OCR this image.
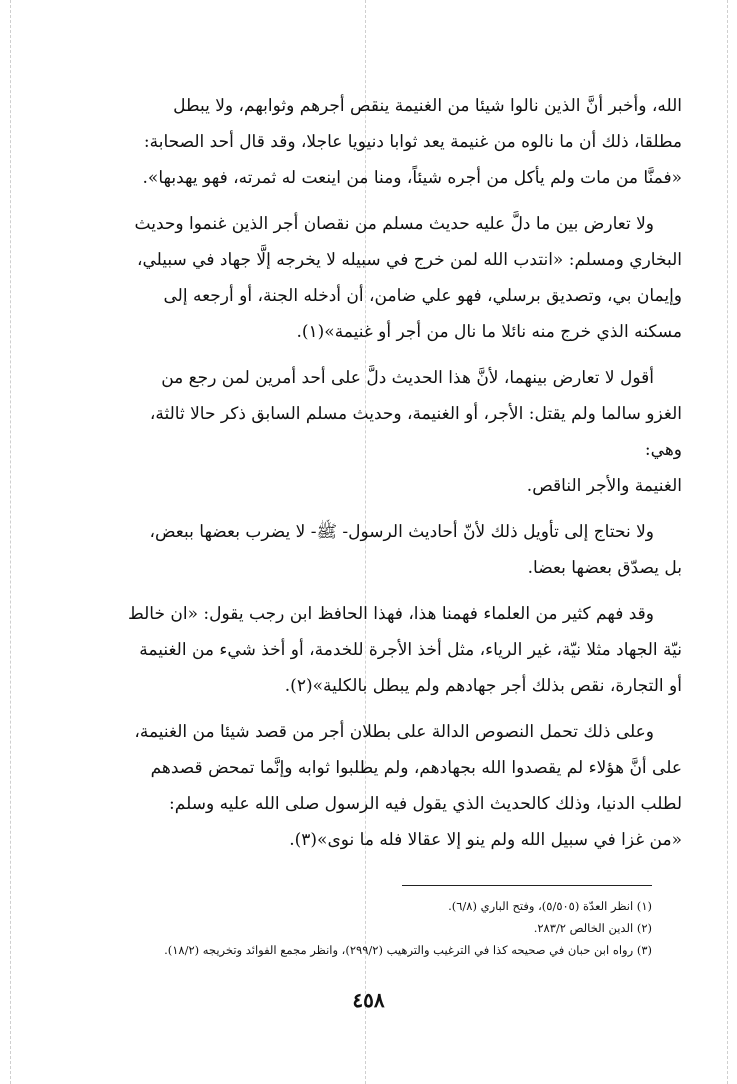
الله، وأخبر أنَّ الذين نالوا شيئا من الغنيمة ينقص أجرهم وثوابهم، ولا يبطل
مطلقا، ذلك أن ما نالوه من غنيمة يعد ثوابا دنيويا عاجلا، وقد قال أحد الصحابة:
«فمنَّا من مات ولم يأكل من أجره شيئاً، ومنا من اينعت له ثمرته، فهو يهدبها».

ولا تعارض بين ما دلَّ عليه حديث مسلم من نقصان أجر الذين غنموا وحديث
البخاري ومسلم: «انتدب الله لمن خرج في سبيله لا يخرجه إلَّا جهاد في سبيلي،
وإيمان بي، وتصديق برسلي، فهو علي ضامن، أن أدخله الجنة، أو أرجعه إلى
مسكنه الذي خرج منه نائلا ما نال من أجر أو غنيمة»(١).

أقول لا تعارض بينهما، لأنَّ هذا الحديث دلَّ على أحد أمرين لمن رجع من
الغزو سالما ولم يقتل: الأجر، أو الغنيمة، وحديث مسلم السابق ذكر حالا ثالثة،
وهي:
الغنيمة والأجر الناقص.

ولا نحتاج إلى تأويل ذلك لأنّ أحاديث الرسول- ﷺ- لا يضرب بعضها ببعض،
بل يصدّق بعضها بعضا.

وقد فهم كثير من العلماء فهمنا هذا، فهذا الحافظ ابن رجب يقول: «ان خالط
نيّة الجهاد مثلا نيّة، غير الرياء، مثل أخذ الأجرة للخدمة، أو أخذ شيء من الغنيمة
أو التجارة، نقص بذلك أجر جهادهم ولم يبطل بالكلية»(٢).

وعلى ذلك تحمل النصوص الدالة على بطلان أجر من قصد شيئا من الغنيمة،
على أنَّ هؤلاء لم يقصدوا الله بجهادهم، ولم يطلبوا ثوابه وإنَّما تمحض قصدهم
لطلب الدنيا، وذلك كالحديث الذي يقول فيه الرسول صلى الله عليه وسلم:
«من غزا في سبيل الله ولم ينو إلا عقالا فله ما نوى»(٣).

(١) انظر العدّة (٥/٥٠٥)، وفتح الباري (٦/٨).
(٢) الدين الخالص ٢٨٣/٢.
(٣) رواه ابن حبان في صحيحه كذا في الترغيب والترهيب (٢٩٩/٢)، وانظر مجمع الفوائد وتخريجه (١٨/٢).
٤٥٨
